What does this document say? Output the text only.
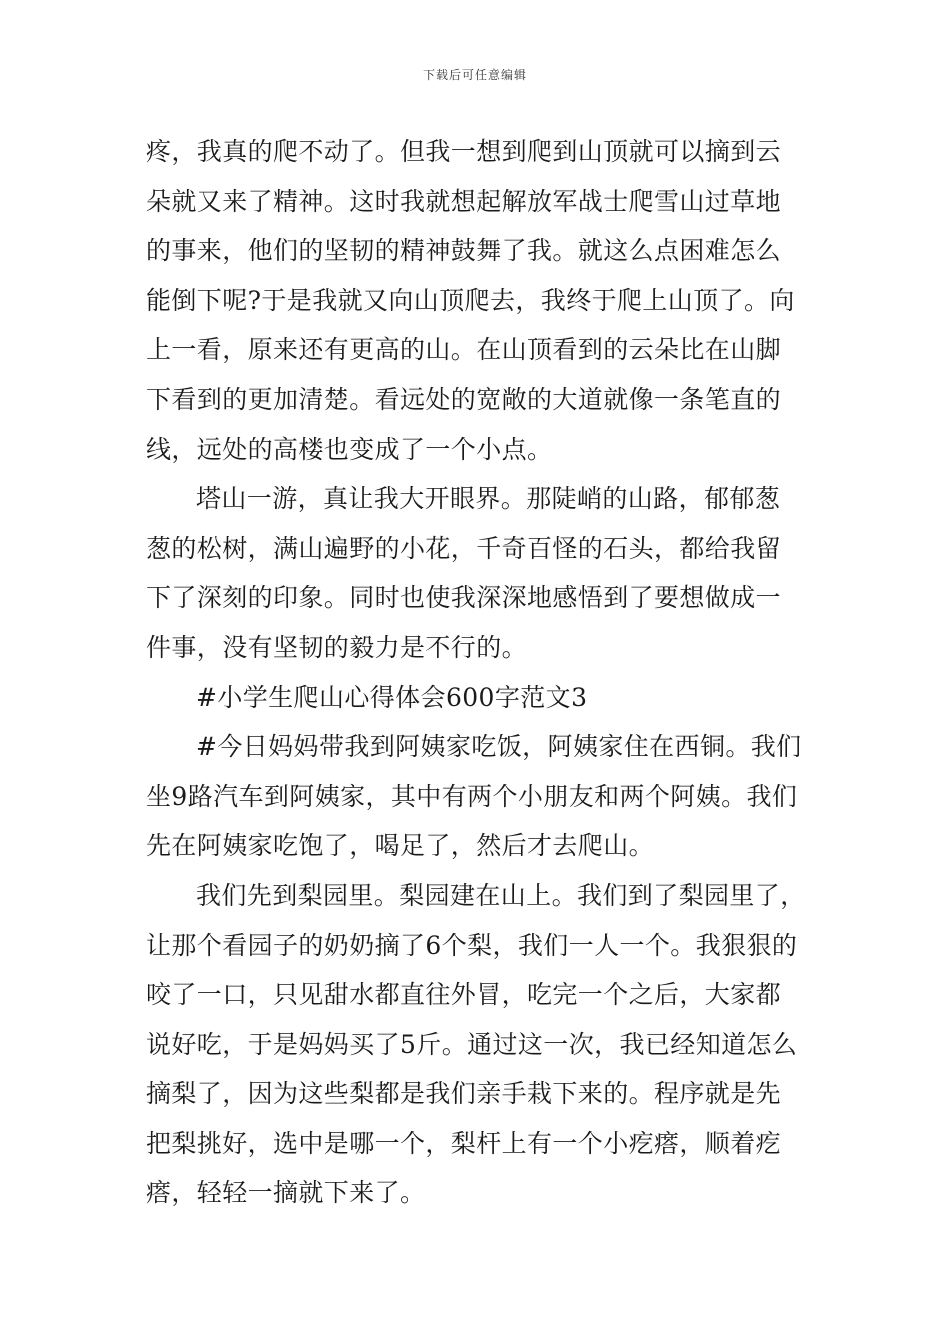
下载后可任意编辑
疼，我真的爬不动了。但我一想到爬到山顶就可以摘到云
朵就又来了精神。这时我就想起解放军战士爬雪山过草地
的事来，他们的坚韧的精神鼓舞了我。就这么点困难怎么
能倒下呢?于是我就又向山顶爬去，我终于爬上山顶了。向
上一看，原来还有更高的山。在山顶看到的云朵比在山脚
下看到的更加清楚。看远处的宽敞的大道就像一条笔直的
线，远处的高楼也变成了一个小点。
塔山一游，真让我大开眼界。那陡峭的山路，郁郁葱
葱的松树，满山遍野的小花，千奇百怪的石头，都给我留
下了深刻的印象。同时也使我深深地感悟到了要想做成一
件事，没有坚韧的毅力是不行的。
#小学生爬山心得体会600字范文3
#今日妈妈带我到阿姨家吃饭，阿姨家住在西铜。我们
坐9路汽车到阿姨家，其中有两个小朋友和两个阿姨。我们
先在阿姨家吃饱了，喝足了，然后才去爬山。
我们先到梨园里。梨园建在山上。我们到了梨园里了，
让那个看园子的奶奶摘了6个梨，我们一人一个。我狠狠的
咬了一口，只见甜水都直往外冒，吃完一个之后，大家都
说好吃，于是妈妈买了5斤。通过这一次，我已经知道怎么
摘梨了，因为这些梨都是我们亲手栽下来的。程序就是先
把梨挑好，选中是哪一个，梨杆上有一个小疙瘩，顺着疙
瘩，轻轻一摘就下来了。
